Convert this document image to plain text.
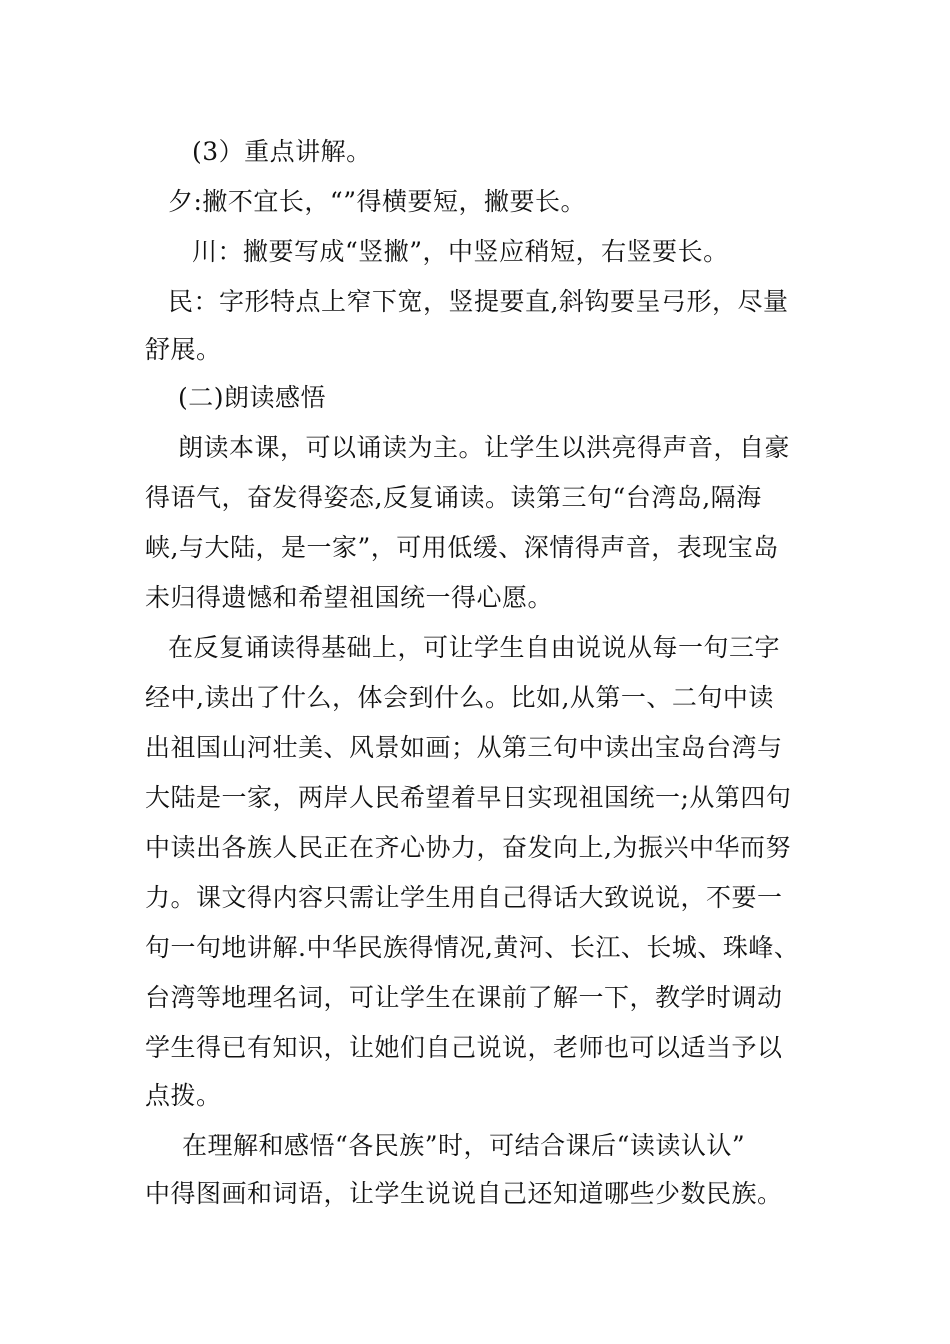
(3）重点讲解。
夕:撇不宜长，“”得横要短，撇要长。
川：撇要写成“竖撇”，中竖应稍短，右竖要长。
民：字形特点上窄下宽，竖提要直,斜钩要呈弓形，尽量
舒展。
(二)朗读感悟
朗读本课，可以诵读为主。让学生以洪亮得声音，自豪
得语气，奋发得姿态,反复诵读。读第三句“台湾岛,隔海
峡,与大陆，是一家”，可用低缓、深情得声音，表现宝岛
未归得遗憾和希望祖国统一得心愿。
在反复诵读得基础上，可让学生自由说说从每一句三字
经中,读出了什么，体会到什么。比如,从第一、二句中读
出祖国山河壮美、风景如画；从第三句中读出宝岛台湾与
大陆是一家，两岸人民希望着早日实现祖国统一;从第四句
中读出各族人民正在齐心协力，奋发向上,为振兴中华而努
力。课文得内容只需让学生用自己得话大致说说，不要一
句一句地讲解.中华民族得情况,黄河、长江、长城、珠峰、
台湾等地理名词，可让学生在课前了解一下，教学时调动
学生得已有知识，让她们自己说说，老师也可以适当予以
点拨。
在理解和感悟“各民族”时，可结合课后“读读认认”
中得图画和词语，让学生说说自己还知道哪些少数民族。
